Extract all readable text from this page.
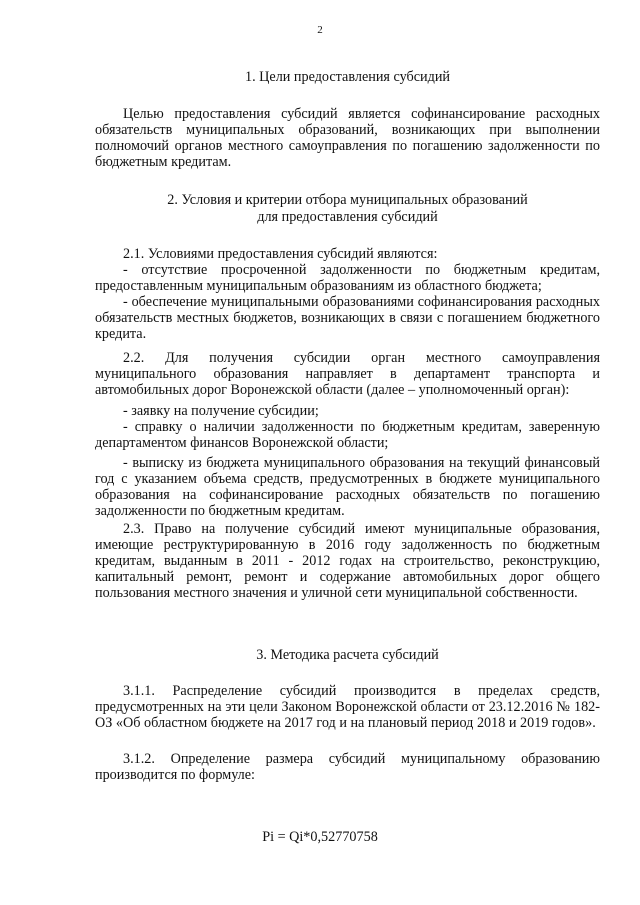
2
1. Цели предоставления субсидий

Целью предоставления субсидий является софинансирование расходных обязательств муниципальных образований, возникающих при выполнении полномочий органов местного самоуправления по погашению задолженности по бюджетным кредитам.

2. Условия и критерии отбора муниципальных образований
для предоставления субсидий

2.1. Условиями предоставления субсидий являются:

- отсутствие просроченной задолженности по бюджетным кредитам, предоставленным муниципальным образованиям из областного бюджета;

- обеспечение муниципальными образованиями софинансирования расходных обязательств местных бюджетов, возникающих в связи с погашением бюджетного кредита.

2.2. Для получения субсидии орган местного самоуправления муниципального образования направляет в департамент транспорта и автомобильных дорог Воронежской области (далее – уполномоченный орган):

- заявку на получение субсидии;

- справку о наличии задолженности по бюджетным кредитам, заверенную департаментом финансов Воронежской области;

- выписку из бюджета муниципального образования на текущий финансовый год с указанием объема средств, предусмотренных в бюджете муниципального образования на софинансирование расходных обязательств по погашению задолженности по бюджетным кредитам.

2.3. Право на получение субсидий имеют муниципальные образования, имеющие реструктурированную в 2016 году задолженность по бюджетным кредитам, выданным в 2011 - 2012 годах на строительство, реконструкцию, капитальный ремонт, ремонт и содержание автомобильных дорог общего пользования местного значения и уличной сети муниципальной собственности.

3. Методика расчета субсидий

3.1.1. Распределение субсидий производится в пределах средств, предусмотренных на эти цели Законом Воронежской области от 23.12.2016 № 182-ОЗ «Об областном бюджете на 2017 год и на плановый период 2018 и 2019 годов».

3.1.2. Определение размера субсидий муниципальному образованию производится по формуле:

Pi = Qi*0,52770758
